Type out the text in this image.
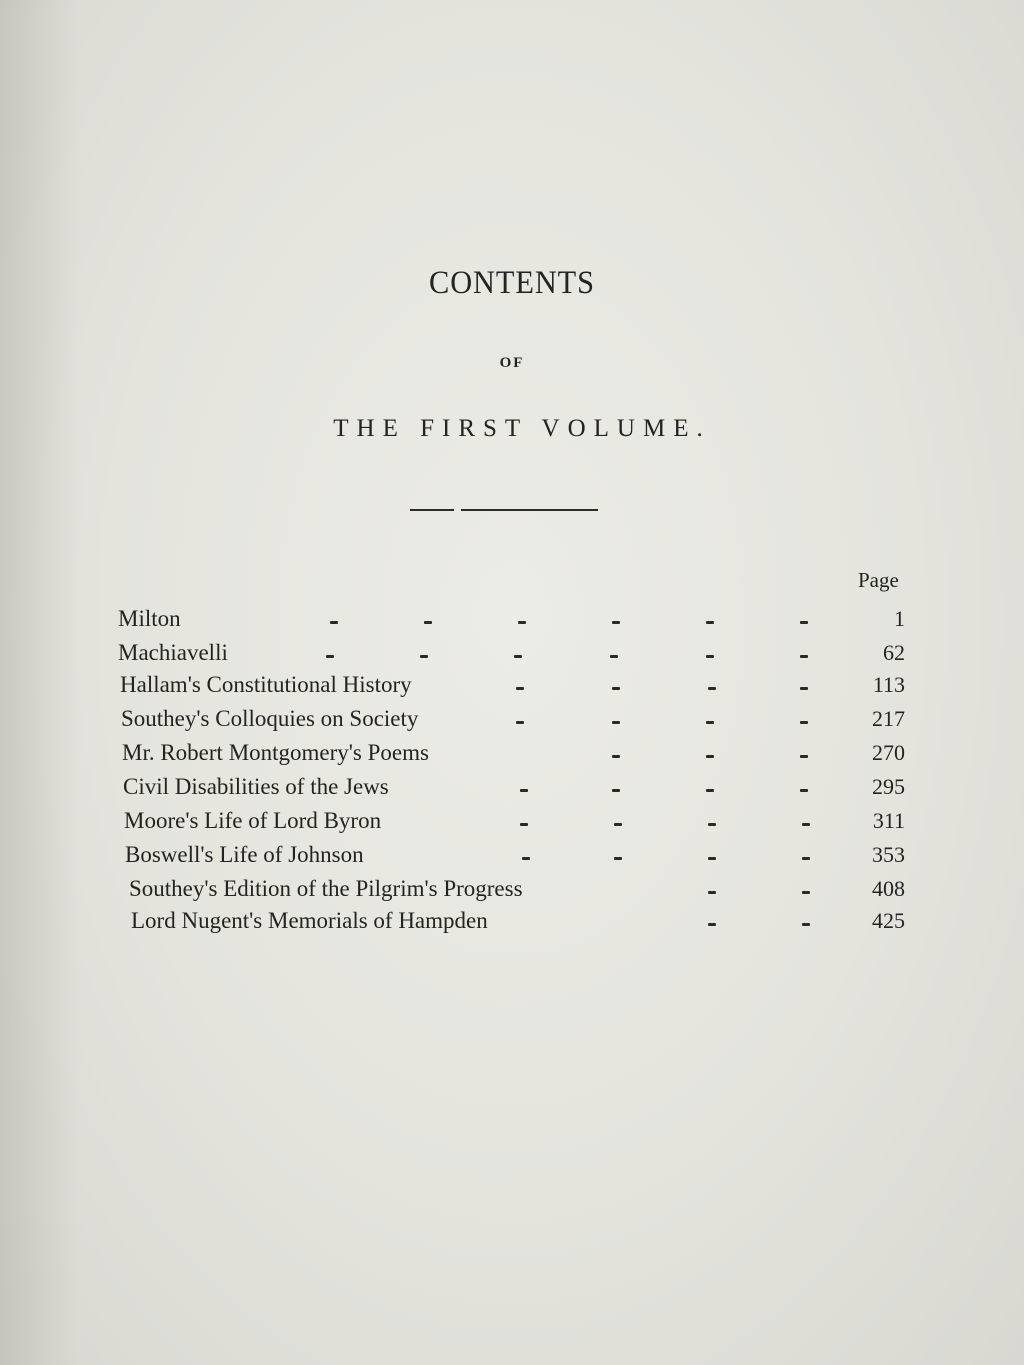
CONTENTS
OF
THE FIRST VOLUME.
Page
Milton	1
Machiavelli	62
Hallam's Constitutional History	113
Southey's Colloquies on Society	217
Mr. Robert Montgomery's Poems	270
Civil Disabilities of the Jews	295
Moore's Life of Lord Byron	311
Boswell's Life of Johnson	353
Southey's Edition of the Pilgrim's Progress	408
Lord Nugent's Memorials of Hampden	425
